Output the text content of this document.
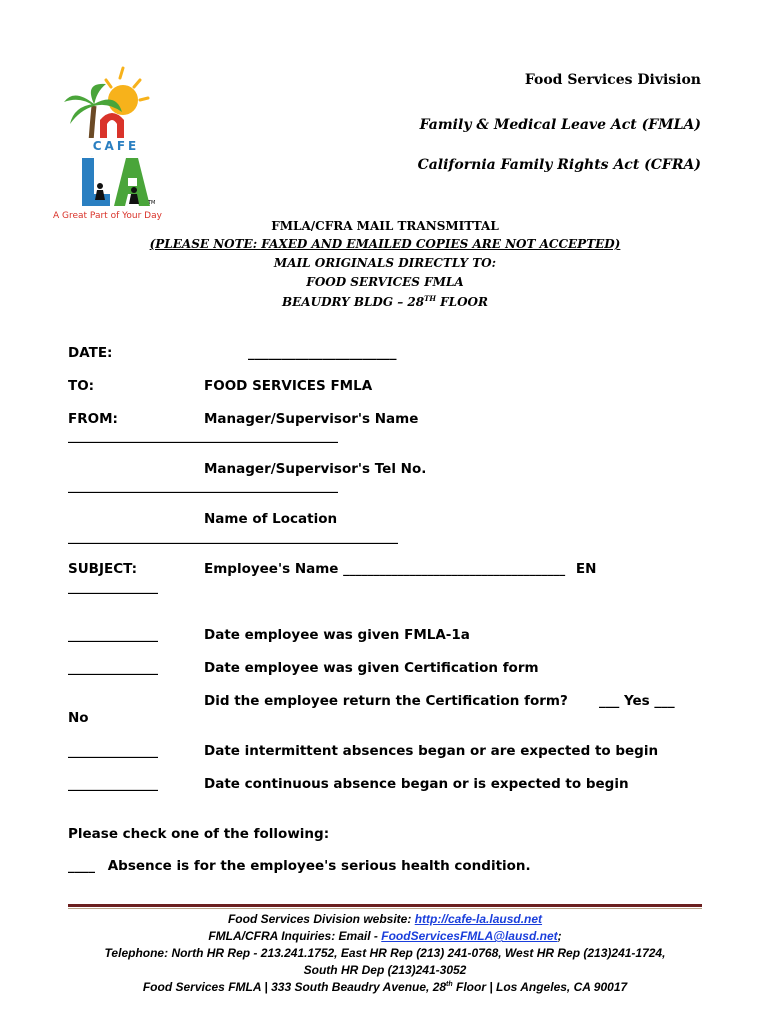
CAFE
TM
A Great Part of Your Day
Food Services Division
Family & Medical Leave Act (FMLA)
California Family Rights Act (CFRA)
FMLA/CFRA MAIL TRANSMITTAL
(PLEASE NOTE: FAXED AND EMAILED COPIES ARE NOT ACCEPTED)
MAIL ORIGINALS DIRECTLY TO:
FOOD SERVICES FMLA
BEAUDRY BLDG – 28TH FLOOR
DATE:	______________________
TO:	FOOD SERVICES FMLA
FROM:	Manager/Supervisor's Name
_____________________________________________
Manager/Supervisor's Tel No.
_____________________________________________
Name of Location
_______________________________________________________
SUBJECT:	Employee's Name _____________________________________ EN
_______________
_______________	Date employee was given FMLA-1a
_______________	Date employee was given Certification form
Did the employee return the Certification form? ___ Yes ___
No
_______________	Date intermittent absences began or are expected to begin
_______________	Date continuous absence began or is expected to begin
Please check one of the following:
____ Absence is for the employee's serious health condition.
Food Services Division website: http://cafe-la.lausd.net
FMLA/CFRA Inquiries: Email - FoodServicesFMLA@lausd.net;
Telephone: North HR Rep - 213.241.1752, East HR Rep (213) 241-0768, West HR Rep (213)241-1724,
South HR Dep (213)241-3052
Food Services FMLA | 333 South Beaudry Avenue, 28th Floor | Los Angeles, CA 90017
